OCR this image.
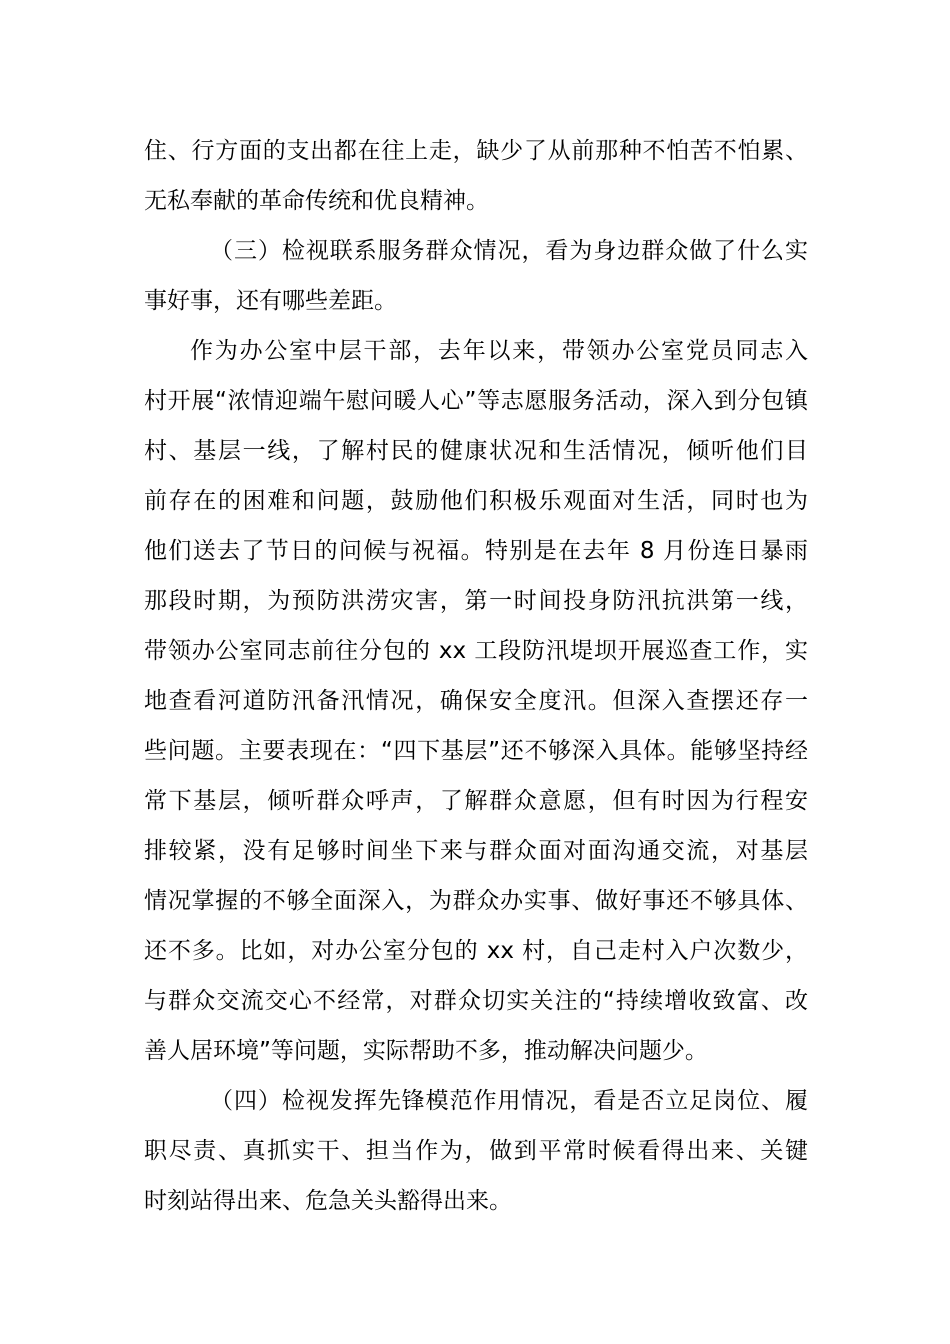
住、行方面的支出都在往上走，缺少了从前那种不怕苦不怕累、
无私奉献的革命传统和优良精神。
（三）检视联系服务群众情况，看为身边群众做了什么实
事好事，还有哪些差距。
作为办公室中层干部，去年以来，带领办公室党员同志入
村开展“浓情迎端午慰问暖人心”等志愿服务活动，深入到分包镇
村、基层一线，了解村民的健康状况和生活情况，倾听他们目
前存在的困难和问题，鼓励他们积极乐观面对生活，同时也为
他们送去了节日的问候与祝福。特别是在去年 8 月份连日暴雨
那段时期，为预防洪涝灾害，第一时间投身防汛抗洪第一线，
带领办公室同志前往分包的 xx 工段防汛堤坝开展巡查工作，实
地查看河道防汛备汛情况，确保安全度汛。但深入查摆还存一
些问题。主要表现在：“四下基层”还不够深入具体。能够坚持经
常下基层，倾听群众呼声，了解群众意愿，但有时因为行程安
排较紧，没有足够时间坐下来与群众面对面沟通交流，对基层
情况掌握的不够全面深入，为群众办实事、做好事还不够具体、
还不多。比如，对办公室分包的 xx 村，自己走村入户次数少，
与群众交流交心不经常，对群众切实关注的“持续增收致富、改
善人居环境”等问题，实际帮助不多，推动解决问题少。
（四）检视发挥先锋模范作用情况，看是否立足岗位、履
职尽责、真抓实干、担当作为，做到平常时候看得出来、关键
时刻站得出来、危急关头豁得出来。
